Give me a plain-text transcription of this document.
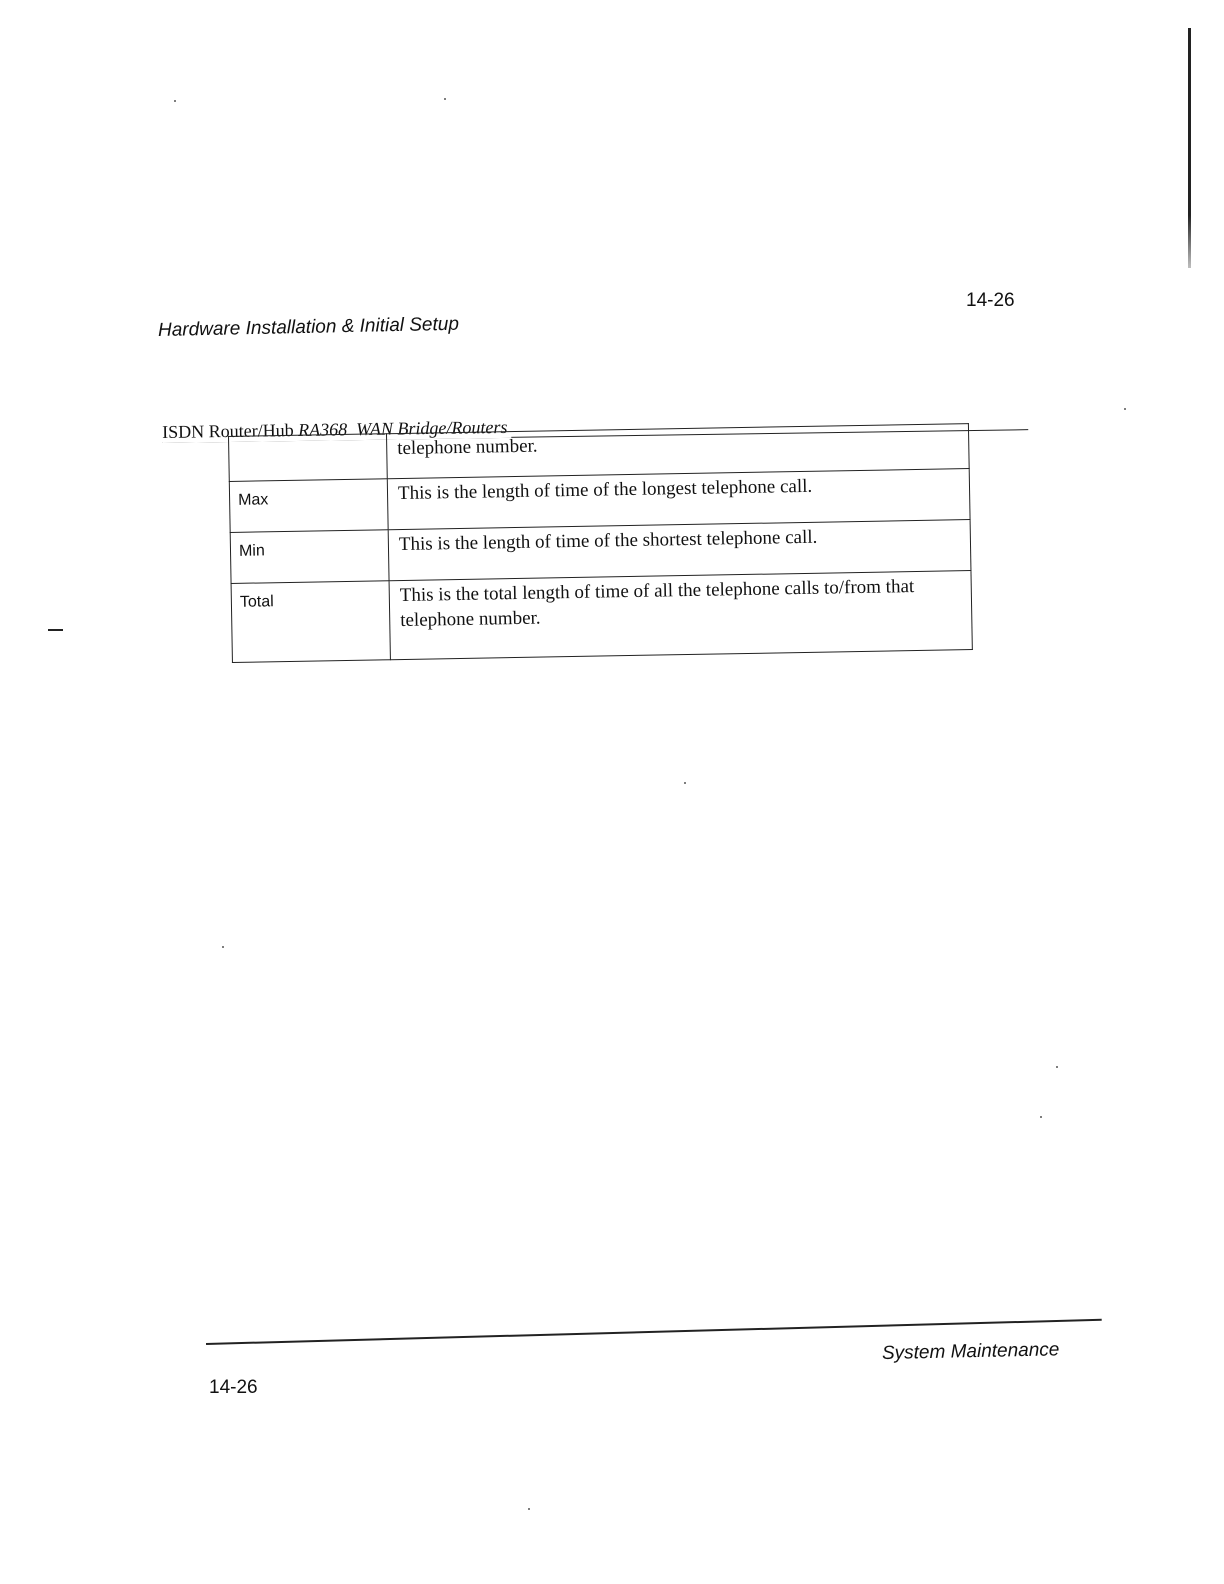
14-26
Hardware Installation & Initial Setup
ISDN Router/Hub RA368 WAN Bridge/Routers
	telephone number.
Max	This is the length of time of the longest telephone call.
Min	This is the length of time of the shortest telephone call.
Total	This is the total length of time of all the telephone calls to/from that telephone number.
System Maintenance
14-26
